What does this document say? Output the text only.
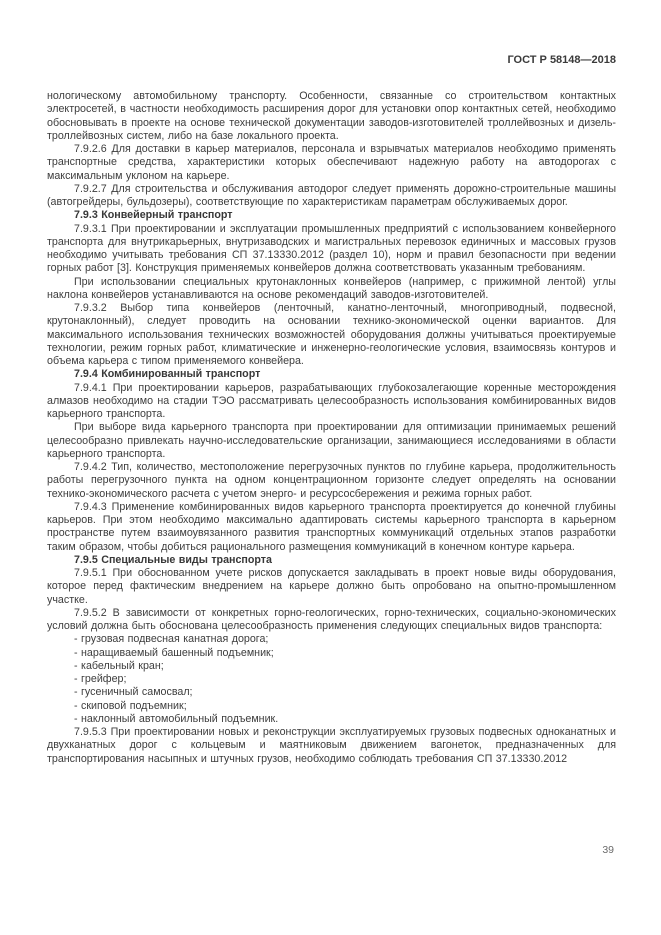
ГОСТ Р 58148—2018

нологическому автомобильному транспорту. Особенности, связанные со строительством контактных электросетей, в частности необходимость расширения дорог для установки опор контактных сетей, необходимо обосновывать в проекте на основе технической документации заводов-изготовителей троллейвозных и дизель-троллейвозных систем, либо на базе локального проекта.

7.9.2.6 Для доставки в карьер материалов, персонала и взрывчатых материалов необходимо применять транспортные средства, характеристики которых обеспечивают надежную работу на автодорогах с максимальным уклоном на карьере.

7.9.2.7 Для строительства и обслуживания автодорог следует применять дорожно-строительные машины (автогрейдеры, бульдозеры), соответствующие по характеристикам параметрам обслуживаемых дорог.

7.9.3 Конвейерный транспорт

7.9.3.1 При проектировании и эксплуатации промышленных предприятий с использованием конвейерного транспорта для внутрикарьерных, внутризаводских и магистральных перевозок единичных и массовых грузов необходимо учитывать требования СП 37.13330.2012 (раздел 10), норм и правил безопасности при ведении горных работ [3]. Конструкция применяемых конвейеров должна соответствовать указанным требованиям.

При использовании специальных крутонаклонных конвейеров (например, с прижимной лентой) углы наклона конвейеров устанавливаются на основе рекомендаций заводов-изготовителей.

7.9.3.2 Выбор типа конвейеров (ленточный, канатно-ленточный, многоприводный, подвесной, крутонаклонный), следует проводить на основании технико-экономической оценки вариантов. Для максимального использования технических возможностей оборудования должны учитываться проектируемые технологии, режим горных работ, климатические и инженерно-геологические условия, взаимосвязь контуров и объема карьера с типом применяемого конвейера.

7.9.4 Комбинированный транспорт

7.9.4.1 При проектировании карьеров, разрабатывающих глубокозалегающие коренные месторождения алмазов необходимо на стадии ТЭО рассматривать целесообразность использования комбинированных видов карьерного транспорта.

При выборе вида карьерного транспорта при проектировании для оптимизации принимаемых решений целесообразно привлекать научно-исследовательские организации, занимающиеся исследованиями в области карьерного транспорта.

7.9.4.2 Тип, количество, местоположение перегрузочных пунктов по глубине карьера, продолжительность работы перегрузочного пункта на одном концентрационном горизонте следует определять на основании технико-экономического расчета с учетом энерго- и ресурсосбережения и режима горных работ.

7.9.4.3 Применение комбинированных видов карьерного транспорта проектируется до конечной глубины карьеров. При этом необходимо максимально адаптировать системы карьерного транспорта в карьерном пространстве путем взаимоувязанного развития транспортных коммуникаций отдельных этапов разработки таким образом, чтобы добиться рационального размещения коммуникаций в конечном контуре карьера.

7.9.5 Специальные виды транспорта

7.9.5.1 При обоснованном учете рисков допускается закладывать в проект новые виды оборудования, которое перед фактическим внедрением на карьере должно быть опробовано на опытно-промышленном участке.

7.9.5.2 В зависимости от конкретных горно-геологических, горно-технических, социально-экономических условий должна быть обоснована целесообразность применения следующих специальных видов транспорта:

- грузовая подвесная канатная дорога;

- наращиваемый башенный подъемник;

- кабельный кран;

- грейфер;

- гусеничный самосвал;

- скиповой подъемник;

- наклонный автомобильный подъемник.

7.9.5.3 При проектировании новых и реконструкции эксплуатируемых грузовых подвесных одноканатных и двухканатных дорог с кольцевым и маятниковым движением вагонеток, предназначенных для транспортирования насыпных и штучных грузов, необходимо соблюдать требования СП 37.13330.2012

39
